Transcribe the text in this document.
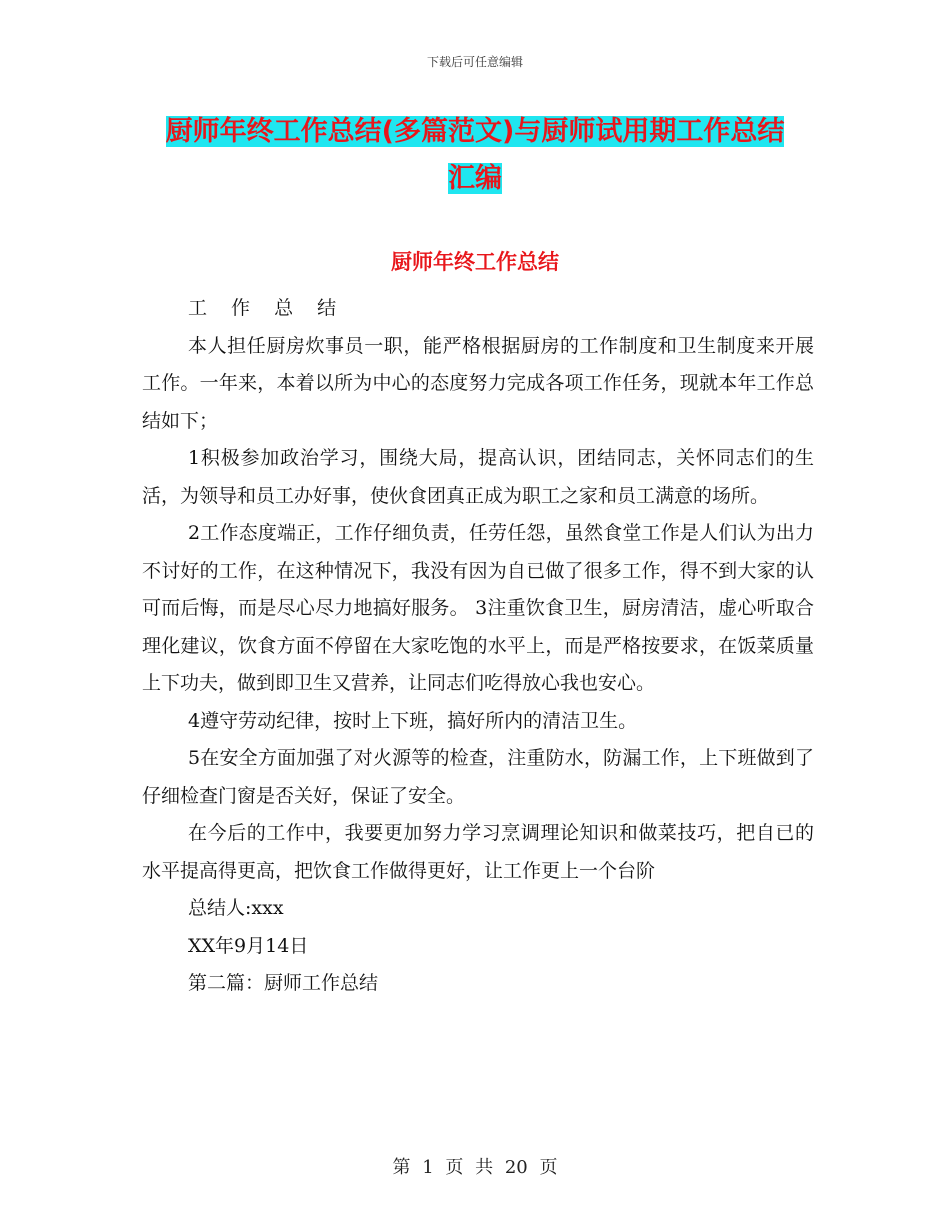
下载后可任意编辑
厨师年终工作总结(多篇范文)与厨师试用期工作总结
汇编
厨师年终工作总结

工 作 总 结

本人担任厨房炊事员一职，能严格根据厨房的工作制度和卫生制度来开展工作。一年来，本着以所为中心的态度努力完成各项工作任务，现就本年工作总结如下；

1积极参加政治学习，围绕大局，提高认识，团结同志，关怀同志们的生活，为领导和员工办好事，使伙食团真正成为职工之家和员工满意的场所。

2工作态度端正，工作仔细负责，任劳任怨，虽然食堂工作是人们认为出力不讨好的工作，在这种情况下，我没有因为自已做了很多工作，得不到大家的认可而后悔，而是尽心尽力地搞好服务。 3注重饮食卫生，厨房清洁，虚心听取合理化建议，饮食方面不停留在大家吃饱的水平上，而是严格按要求，在饭菜质量上下功夫，做到即卫生又营养，让同志们吃得放心我也安心。

4遵守劳动纪律，按时上下班，搞好所内的清洁卫生。

5在安全方面加强了对火源等的检查，注重防水，防漏工作，上下班做到了仔细检查门窗是否关好，保证了安全。

在今后的工作中，我要更加努力学习烹调理论知识和做菜技巧，把自已的水平提高得更高，把饮食工作做得更好，让工作更上一个台阶

总结人:xxx

XX年9月14日

第二篇：厨师工作总结

第 1 页 共 20 页
